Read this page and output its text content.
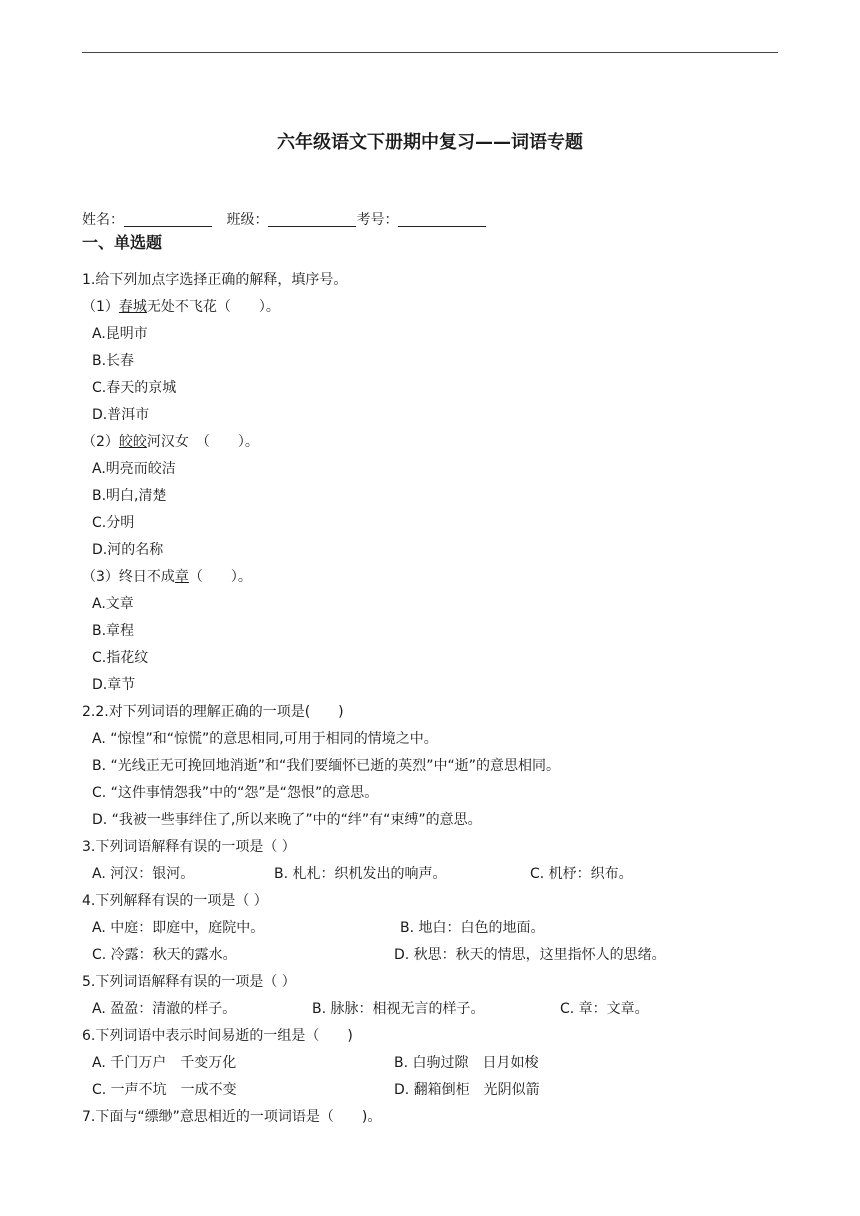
六年级语文下册期中复习——词语专题
姓名：	班级：	考号：
一、单选题
1.给下列加点字选择正确的解释，填序号。
（1）春城无处不飞花（　　）。
A.昆明市
B.长春
C.春天的京城
D.普洱市
（2）皎皎河汉女　（　　）。
A.明亮而皎洁
B.明白,清楚
C.分明
D.河的名称
（3）终日不成章（　　）。
A.文章
B.章程
C.指花纹
D.章节
2.2.对下列词语的理解正确的一项是(　　)
A. “惊惶”和“惊慌”的意思相同,可用于相同的情境之中。
B. “光线正无可挽回地消逝”和“我们要缅怀已逝的英烈”中“逝”的意思相同。
C. “这件事情怨我”中的“怨”是“怨恨”的意思。
D. “我被一些事绊住了,所以来晚了”中的“绊”有“束缚”的意思。
3.下列词语解释有误的一项是（ ）
A. 河汉：银河。	B. 札札：织机发出的响声。	C. 机杼：织布。
4.下列解释有误的一项是（ ）
A. 中庭：即庭中，庭院中。	B. 地白：白色的地面。
C. 冷露：秋天的露水。	D. 秋思：秋天的情思，这里指怀人的思绪。
5.下列词语解释有误的一项是（ ）
A. 盈盈：清澈的样子。	B. 脉脉：相视无言的样子。	C. 章：文章。
6.下列词语中表示时间易逝的一组是（　　)
A. 千门万户　千变万化	B. 白驹过隙　日月如梭
C. 一声不坑　一成不变	D. 翻箱倒柜　光阴似箭
7.下面与“缥缈”意思相近的一项词语是（　　)。
